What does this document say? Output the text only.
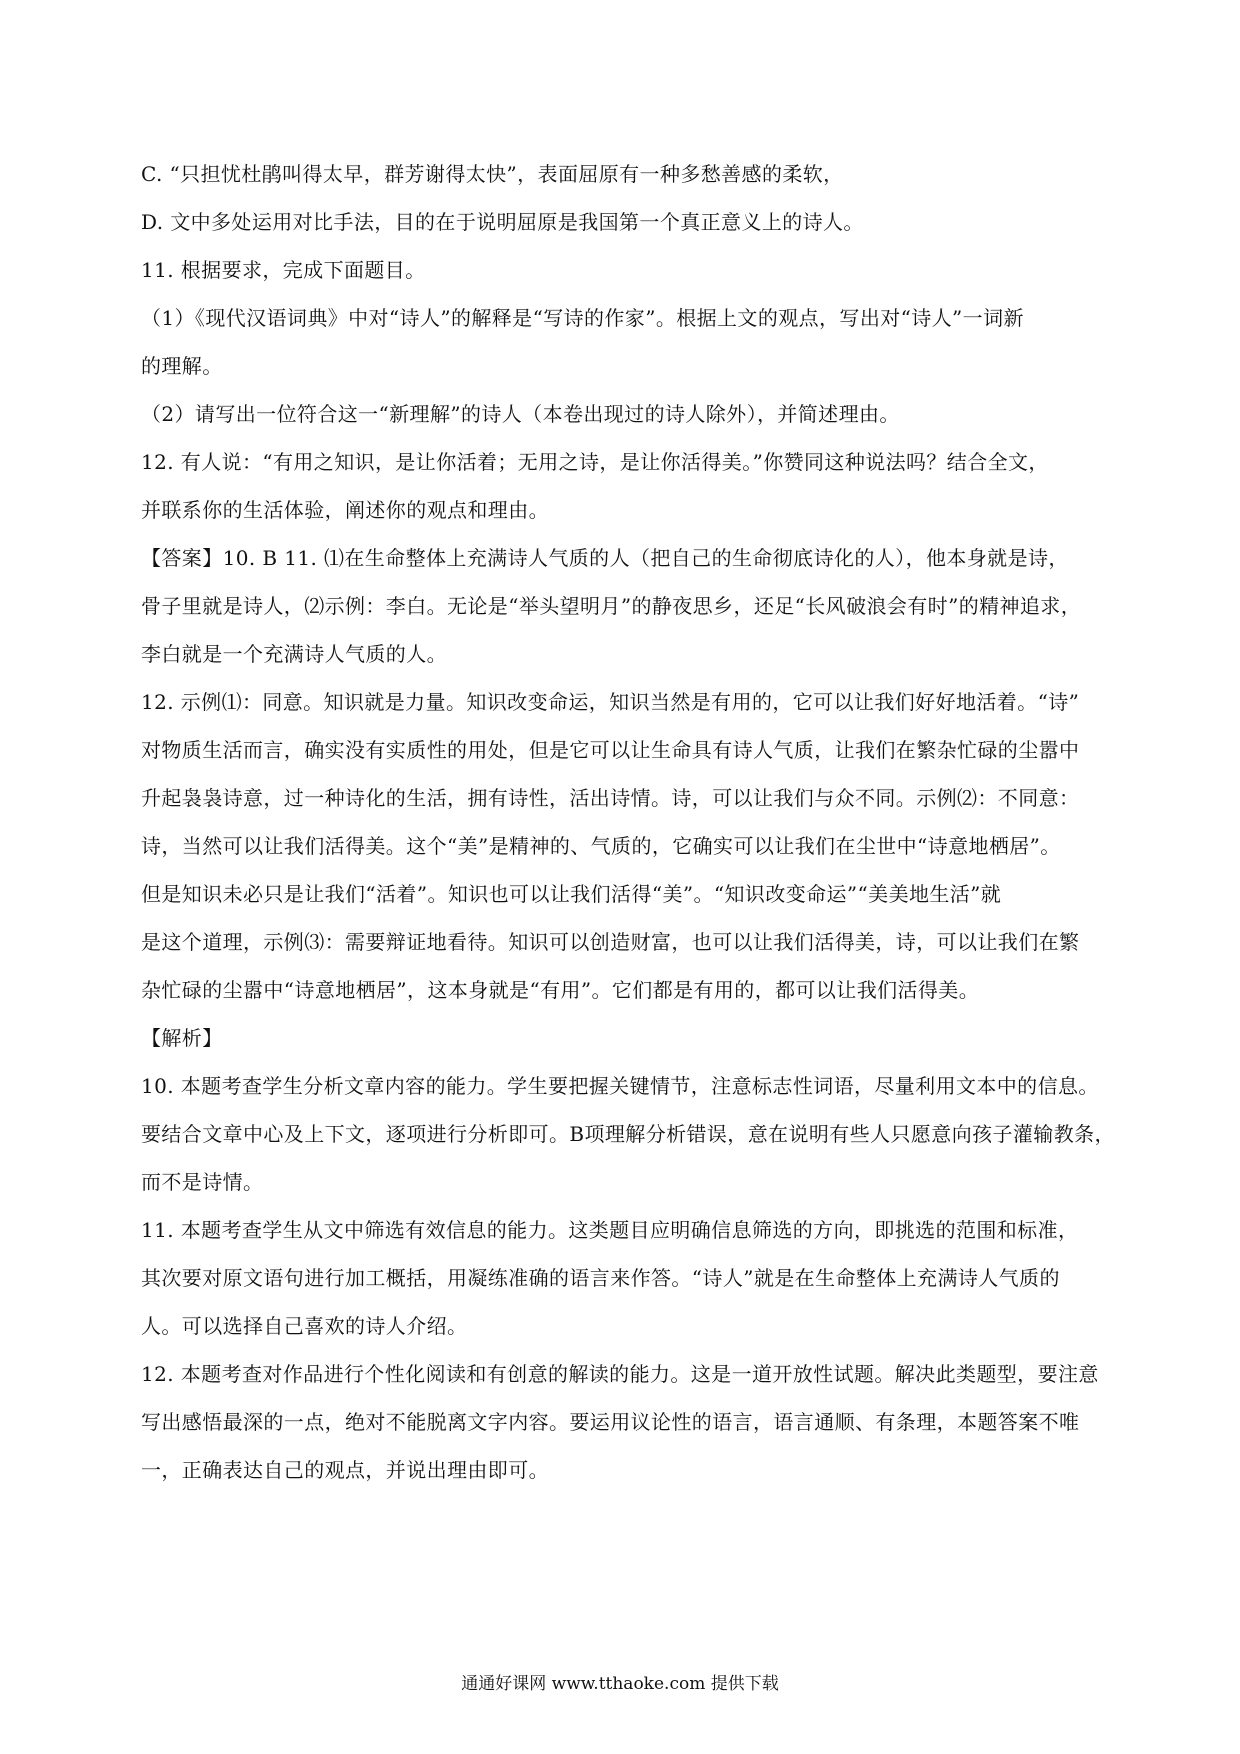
C. “只担忧杜鹃叫得太早，群芳谢得太快”，表面屈原有一种多愁善感的柔软，
D. 文中多处运用对比手法，目的在于说明屈原是我国第一个真正意义上的诗人。
11. 根据要求，完成下面题目。
（1）《现代汉语词典》中对“诗人”的解释是“写诗的作家”。根据上文的观点，写出对“诗人”一词新
的理解。
（2）请写出一位符合这一“新理解”的诗人（本卷出现过的诗人除外），并简述理由。
12. 有人说：“有用之知识，是让你活着；无用之诗，是让你活得美。”你赞同这种说法吗？结合全文，
并联系你的生活体验，阐述你的观点和理由。
【答案】10. B 11. ⑴在生命整体上充满诗人气质的人（把自己的生命彻底诗化的人），他本身就是诗，
骨子里就是诗人，⑵示例：李白。无论是“举头望明月”的静夜思乡，还足“长风破浪会有时”的精神追求，
李白就是一个充满诗人气质的人。
12. 示例⑴：同意。知识就是力量。知识改变命运，知识当然是有用的，它可以让我们好好地活着。“诗”
对物质生活而言，确实没有实质性的用处，但是它可以让生命具有诗人气质，让我们在繁杂忙碌的尘嚣中
升起袅袅诗意，过一种诗化的生活，拥有诗性，活出诗情。诗，可以让我们与众不同。示例⑵：不同意：
诗，当然可以让我们活得美。这个“美”是精神的、气质的，它确实可以让我们在尘世中“诗意地栖居”。
但是知识未必只是让我们“活着”。知识也可以让我们活得“美”。“知识改变命运”“美美地生活”就
是这个道理，示例⑶：需要辩证地看待。知识可以创造财富，也可以让我们活得美，诗，可以让我们在繁
杂忙碌的尘嚣中“诗意地栖居”，这本身就是“有用”。它们都是有用的，都可以让我们活得美。
【解析】
10. 本题考查学生分析文章内容的能力。学生要把握关键情节，注意标志性词语，尽量利用文本中的信息。
要结合文章中心及上下文，逐项进行分析即可。B项理解分析错误，意在说明有些人只愿意向孩子灌输教条，
而不是诗情。
11. 本题考查学生从文中筛选有效信息的能力。这类题目应明确信息筛选的方向，即挑选的范围和标准，
其次要对原文语句进行加工概括，用凝练准确的语言来作答。“诗人”就是在生命整体上充满诗人气质的
人。可以选择自己喜欢的诗人介绍。
12. 本题考查对作品进行个性化阅读和有创意的解读的能力。这是一道开放性试题。解决此类题型，要注意
写出感悟最深的一点，绝对不能脱离文字内容。要运用议论性的语言，语言通顺、有条理，本题答案不唯
一，正确表达自己的观点，并说出理由即可。
通通好课网 www.tthaoke.com 提供下载
